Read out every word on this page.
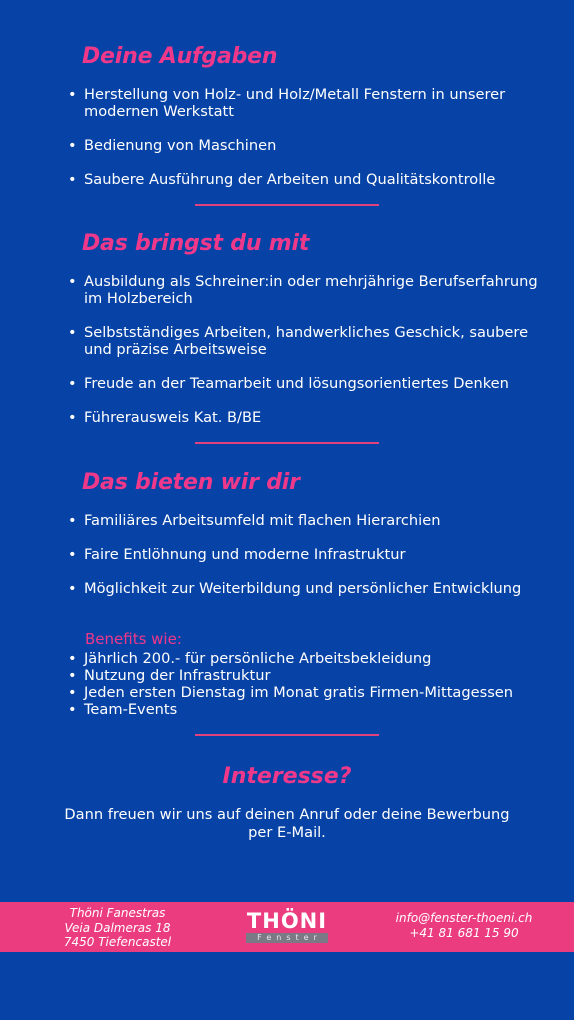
Deine Aufgaben
• Herstellung von Holz- und Holz/Metall Fenstern in unserer modernen Werkstatt
• Bedienung von Maschinen
• Saubere Ausführung der Arbeiten und Qualitätskontrolle
Das bringst du mit
• Ausbildung als Schreiner:in oder mehrjährige Berufserfahrung im Holzbereich
• Selbstständiges Arbeiten, handwerkliches Geschick, saubere und präzise Arbeitsweise
• Freude an der Teamarbeit und lösungsorientiertes Denken
• Führerausweis Kat. B/BE
Das bieten wir dir
• Familiäres Arbeitsumfeld mit flachen Hierarchien
• Faire Entlöhnung und moderne Infrastruktur
• Möglichkeit zur Weiterbildung und persönlicher Entwicklung
Benefits wie:
• Jährlich 200.- für persönliche Arbeitsbekleidung
• Nutzung der Infrastruktur
• Jeden ersten Dienstag im Monat gratis Firmen-Mittagessen
• Team-Events
Interesse?
Dann freuen wir uns auf deinen Anruf oder deine Bewerbung per E-Mail.
Thöni Fanestras
Veia Dalmeras 18
7450 Tiefencastel
THÖNI
Fenster
info@fenster-thoeni.ch
+41 81 681 15 90
